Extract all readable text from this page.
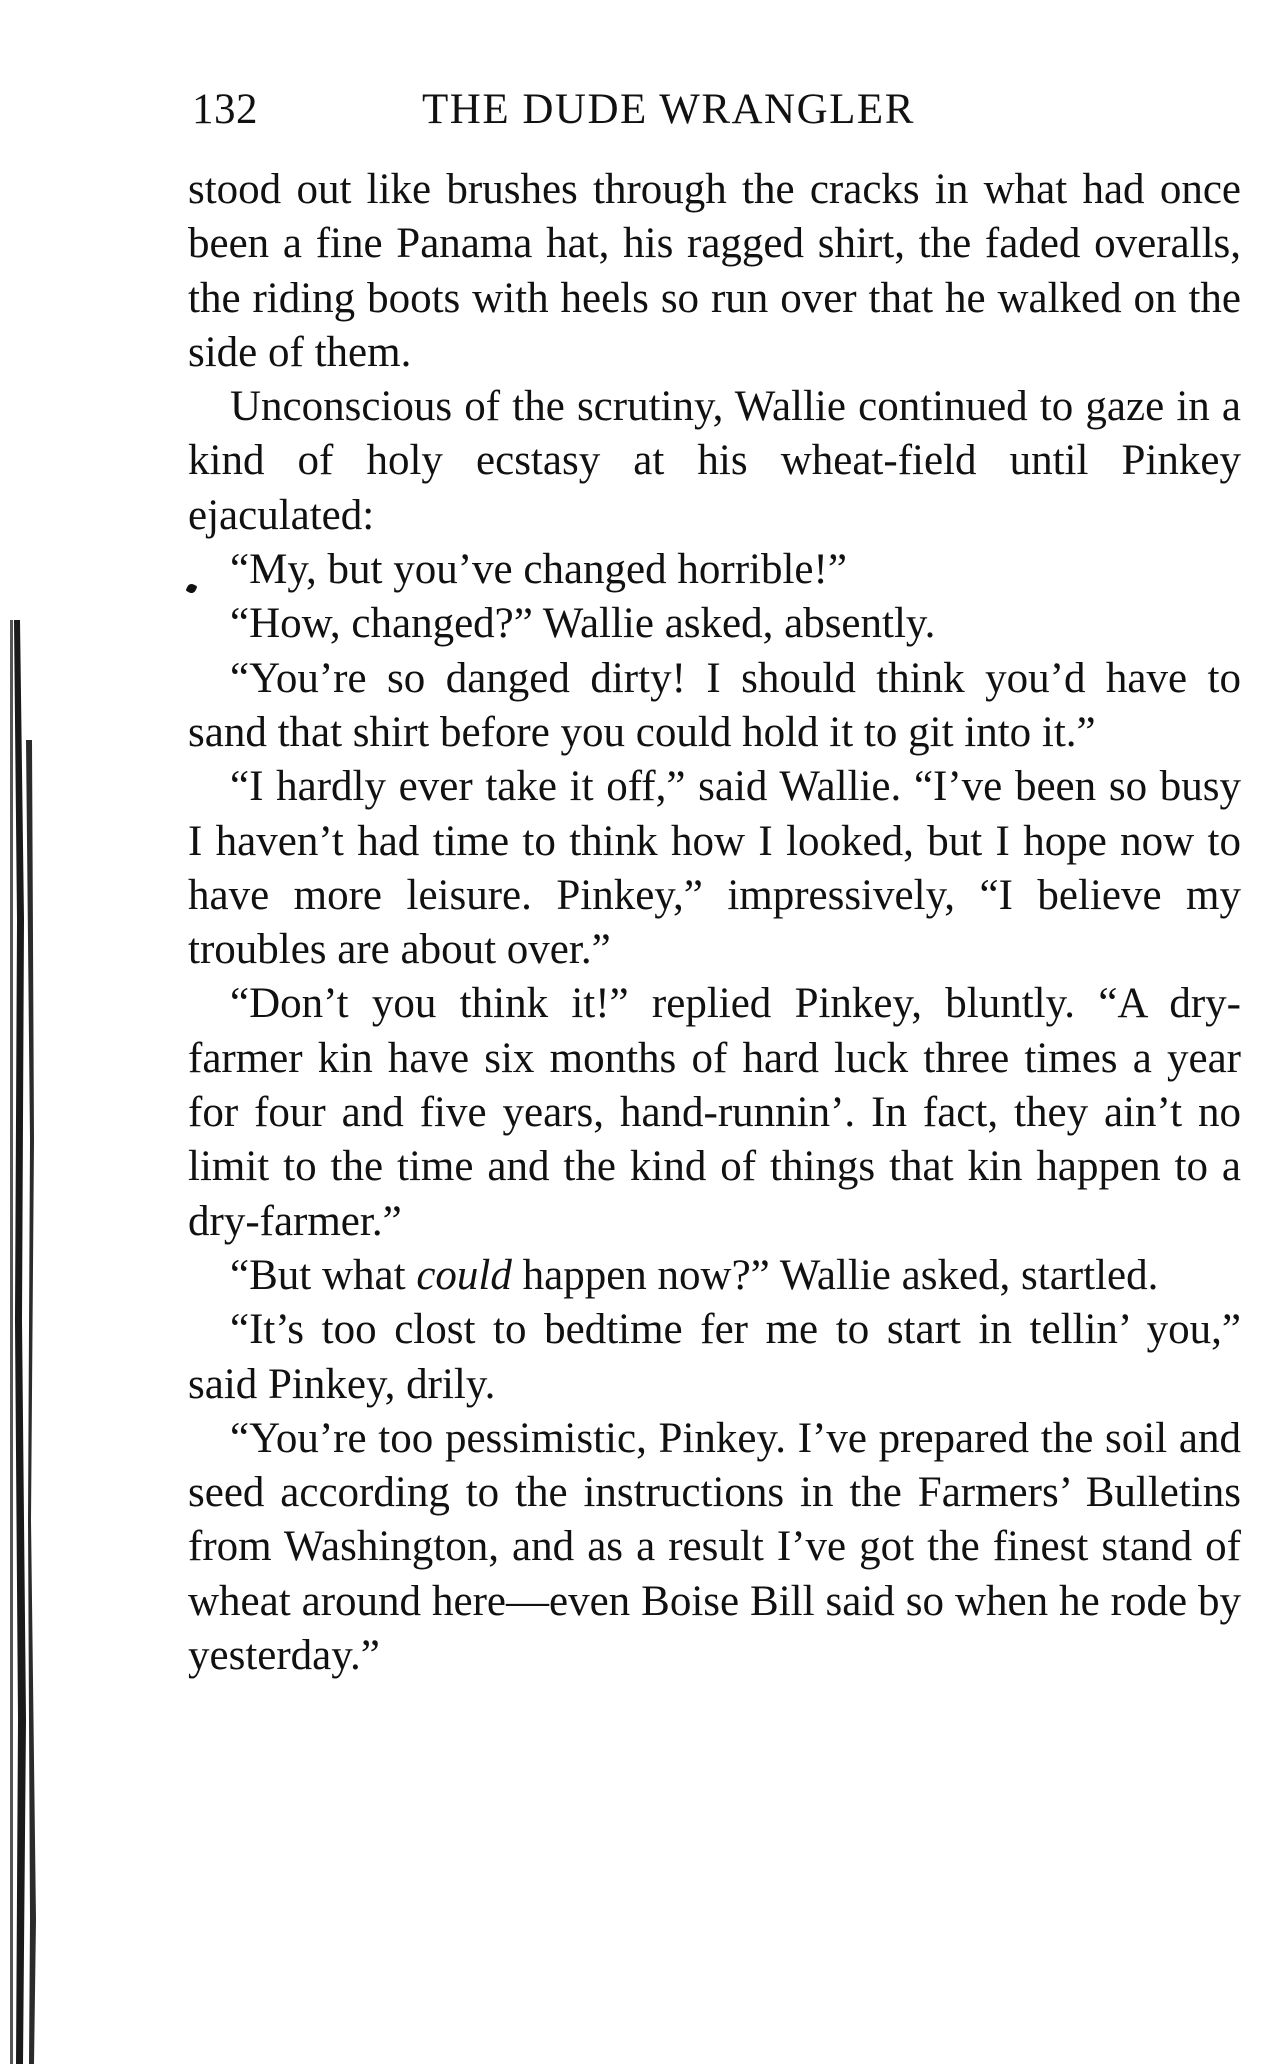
132	THE DUDE WRANGLER

stood out like brushes through the cracks in what had once been a fine Panama hat, his ragged shirt, the faded overalls, the riding boots with heels so run over that he walked on the side of them.

Unconscious of the scrutiny, Wallie continued to gaze in a kind of holy ecstasy at his wheat-field until Pinkey ejaculated:

“My, but you’ve changed horrible!”

“How, changed?” Wallie asked, absently.

“You’re so danged dirty! I should think you’d have to sand that shirt before you could hold it to git into it.”

“I hardly ever take it off,” said Wallie. “I’ve been so busy I haven’t had time to think how I looked, but I hope now to have more leisure. Pinkey,” impressively, “I believe my troubles are about over.”

“Don’t you think it!” replied Pinkey, bluntly. “A dry-farmer kin have six months of hard luck three times a year for four and five years, hand-runnin’. In fact, they ain’t no limit to the time and the kind of things that kin happen to a dry-farmer.”

“But what could happen now?” Wallie asked, startled.

“It’s too clost to bedtime fer me to start in tellin’ you,” said Pinkey, drily.

“You’re too pessimistic, Pinkey. I’ve prepared the soil and seed according to the instructions in the Farmers’ Bulletins from Washington, and as a result I’ve got the finest stand of wheat around here—even Boise Bill said so when he rode by yesterday.”
